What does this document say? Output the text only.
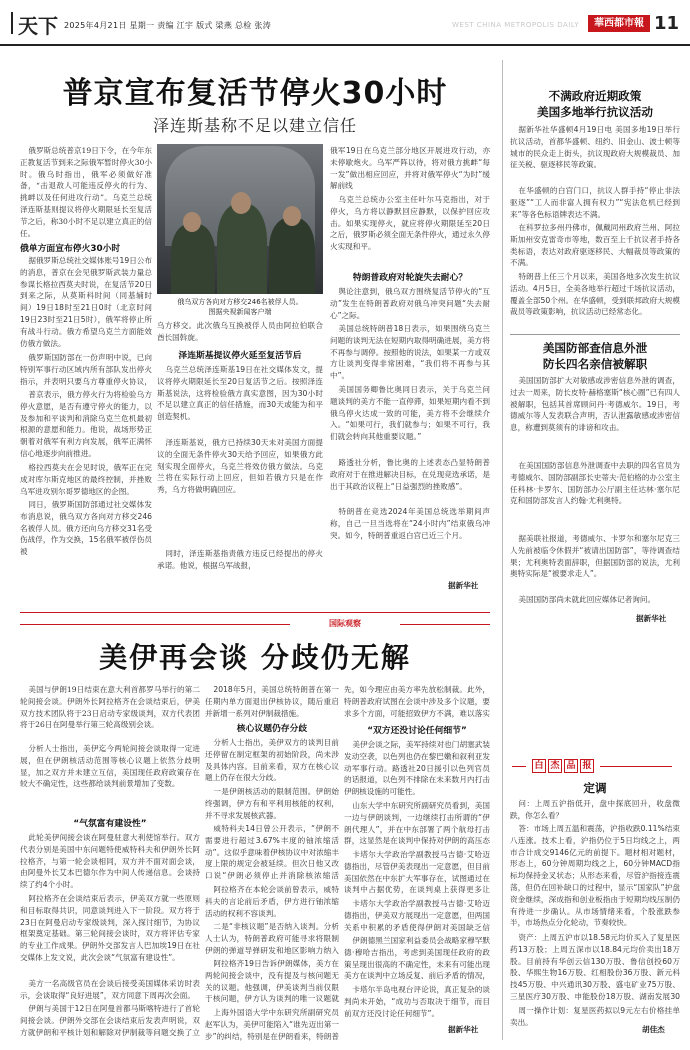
天下 2025年4月21日 星期一 责编 江宇 版式 梁燕 总检 张涛	WEST CHINA METROPOLIS DAILY	華西都市報 11
普京宣布复活节停火30小时
泽连斯基称不足以建立信任
俄罗斯总统普京19日下令，在今年东正教复活节到来之际俄军暂时停火30小时。俄乌时指出，俄军必须做好准备，“击退敌人可能违反停火的行为、挑衅以及任何进攻行动”。乌克兰总统泽连斯基则提议将停火期限延长至复活节之后，称30小时不足以建立真正的信任。
俄单方面宣布停火30小时
据俄罗斯总统社交媒体账号19日公布的消息，普京在会见俄罗斯武装力量总参谋长格拉西莫夫时说，在复活节20日到来之际，从莫斯科时间（同基辅时间）19日18时至21日0时（北京时间19日23时至21日5时），俄军将停止所有战斗行动。俄方希望乌克兰方面能效仿俄方做法。
俄罗斯国防部在一份声明中说，已向特别军事行动区域内所有部队发出停火指示，并表明只要乌方尊重停火协议，
普京表示，俄方停火行为将检验乌方停火意愿，是否有遵守停火的能力，以及参加和平谈判和消除乌克兰危机最初根源的意愿和能力。他说，战场形势正朝着对俄军有利方向发展，俄军正满怀信心地逐步向前推进。
格拉西莫夫在会见时说，俄军正在完成对库尔斯克地区的最终控制，并挫败乌军进攻别尔哥罗德地区的企图。
同日，俄罗斯国防部通过社交媒体发布消息说，俄乌双方各向对方移交246名被俘人员。俄方还向乌方移交31名受伤战俘，作为交换，15名俄军被俘伤员被
俄乌双方各向对方移交246名被俘人员。
图据央视新闻客户端
乌方移交。此次俄乌互换被俘人员由阿拉伯联合酋长国斡旋。
泽连斯基提议停火延至复活节后
乌克兰总统泽连斯基19日在社交媒体发文，提议将停火期限延长至20日复活节之后。按照泽连斯基说法，这将检验俄方真实意图，因为30小时不足以建立真正的信任措施，而30天或能为和平创造契机。
泽连斯基说，俄方已持续30天未对美国方面提议的全面无条件停火30天给予回应，如果俄方此刻实现全面停火，乌克兰将效仿俄方做法。乌克兰将在实际行动上回应，但如若俄方只是在作秀，乌方将做明确回应。
同时，泽连斯基指责俄方违反已经提出的停火承诺。他说，根据乌军战报，
俄军19日在乌克兰部分地区开展进攻行动，亦未停歇炮火。乌军严阵以待，将对俄方挑衅“每一发”做出相应回应，并将对俄军停火“为时”缓解前线
乌克兰总统办公室主任叶尔马克指出，对于停火，乌方将以静默回应静默，以保护回应攻击。如果实现停火，就应将停火期限延至20日之后，俄罗斯必须全面无条件停火，通过永久停火实现和平。
特朗普政府对轮旋失去耐心？
舆论注意到，俄乌双方围绕复活节停火的“互动”发生在特朗普政府对俄乌冲突问题“失去耐心”之际。
美国总统特朗普18日表示，如果围绕乌克兰问题的谈判无法在短期内取得明确进展，美方将不再参与调停。按照他的说法，如果某一方或双方让谈判变得非常困难，“我们将不再参与其中”。
美国国务卿鲁比奥同日表示，关于乌克兰问题谈判的美方不能一直停滞，如果短期内看不到俄乌停火达成一致的可能，美方将不会继续介入。“如果可行，我们就参与；如果不可行，我们就会转向其他重要议题。”
路透社分析，鲁比奥的上述表态凸显特朗普政府对于在推进解决目标，在兑现竞选承诺，是出于其政治议程上“日益强烈的挫败感”。
特朗普在竞选2024年美国总统选举期间声称，自己一旦当选将在“24小时内”结束俄乌冲突。如今，特朗普重返白宫已近三个月。
据新华社
国际观察
美伊再会谈 分歧仍无解
美国与伊朗19日结束在意大利首都罗马举行的第二轮间接会谈。伊朗外长阿拉格齐在会谈结束后，伊美双方技术团队将于23日启动专家级谈判，双方代表团将于26日在阿曼举行第三轮高级别会谈。
分析人士指出，美伊迄今两轮间接会谈取得一定进展，但在伊朗核活动范围等核心议题上依然分歧明显，加之双方并未建立互信，美国现任政府政策存在较大不确定性，这些都给谈判前景增加了变数。
“气氛富有建设性”
此轮美伊间接会谈在阿曼驻意大利使馆举行。双方代表分别是美国中东问题特使威特科夫和伊朗外长阿拉格齐，与第一轮会谈相同，双方并不面对面会谈，由阿曼外长艾本巴德尔作为中间人传递信息。会谈持续了约4个小时。
阿拉格齐在会谈结束后表示，伊美双方就一些原则和目标取得共识，同意谈判进入下一阶段。双方将于23日在阿曼启动专家级谈判，深入探讨细节，为协议框架奠定基础。第三轮间接会谈时，双方将评估专家的专业工作成果。伊朗外交部发言人巴加埃19日在社交媒体上发文说，此次会谈“气氛富有建设性”。
美方一名高级官员在会谈后接受美国媒体采访时表示，会谈取得“良好进展”，双方同意下周再次会面。
伊朗与美国于12日在阿曼首都马斯喀特进行了首轮间接会谈。伊朗外交部在会谈结束后发表声明说，双方就伊朗和平核计划和解除对伊制裁等问题交换了立
2018年5月，美国总统特朗普在第一任期内单方面退出伊核协议，随后重启并新增一系列对伊制裁措施。
核心议题仍存分歧
分析人士指出，美伊双方的谈判目前还停留在制定框架的初始阶段，尚未涉及具体内容。目前来看，双方在核心议题上仍存在很大分歧。
一是伊朗核活动的限制范围。伊朗始终强调，伊方有和平利用核能的权利，并不寻求发展核武器。
威特科夫14日曾公开表示，“伊朗不需要进行超过3.67%丰度的铀浓缩活动”。这似乎意味着伊核协议中对浓缩丰度上限的规定会被延续。但次日他又改口说“伊朗必须停止并消除核浓缩活
阿拉格齐在本轮会谈前曾表示，威特科夫的言论前后矛盾，伊方进行铀浓缩活动的权利不容谈判。
二是“非核议题”是否纳入谈判。分析人士认为，特朗普政府可能寻求将限制伊朗的弹道导弹研发和地区影响力纳入
阿拉格齐19日告诉伊朗媒体，美方在两轮间接会谈中，没有提及与核问题无关的议题。他强调，伊美谈判当前仅限于核问题，伊方认为谈判的唯一议题就
上海外国语大学中东研究所副研究员赵军认为，美伊可能陷入“谁先迈出第一步”的纠结，特别是在伊朗看来，特朗普
先，如今理应由美方率先放松制裁。此外，特朗普政府试图在会谈中涉及多个议题，要求多个方面，可能招致伊方不满，难以落实
“双方还没讨论任何细节”
美伊会谈之际，美军持续对也门胡塞武装发动空袭，以色列也仍在黎巴嫩和叙利亚发动军事行动。路透社20日援引以色列官员的话报道，以色列不排除在未来数月内打击伊朗核设施的可能性。
山东大学中东研究所副研究员看到，美国一边与伊朗谈判，一边继续打击所谓的“伊朗代理人”，并在中东部署了两个航母打击群，这显然是在谈判中保持对伊朗的高压态
卡塔尔大学政治学副教授马吉德·艾哈迈德指出，尽管伊美表现出一定意愿，但目前美国依然在中东扩大军事存在，试图通过在谈判中占据优势，在谈判桌上获得更多让
卡塔尔大学政治学副教授马吉德·艾哈迈德指出，伊美双方展现出一定意愿，但两国关系中积累的矛盾使得伊朗对美国缺乏信
伊朗德黑兰国家利益委员会战略家穆罕默德·穆哈吉指出，考虑到美国现任政府的政策呈现出很高的不确定性，未来有可能出现美方在谈判中立场反复、前后矛盾的情况，
卡塔尔半岛电视台评论说，真正复杂的谈判尚未开始，“成功与否取决于细节，而目前双方还没讨论任何细节”。
据新华社
不满政府近期政策
美国多地举行抗议活动
据新华社华盛顿4月19日电 美国多地19日举行抗议活动，首都华盛顿、纽约、旧金山、波士顿等城市的民众走上街头，抗议现政府大规模裁员、加征关税、驱逐移民等政策。
在华盛顿的白宫门口，抗议人群手持“停止非法驱逐”“工人而非富人拥有权力”“宪法危机已经到来”等各色标语牌表达不满。
在科罗拉多州丹佛市，佩戴同州政府兰州、阿拉斯加州安克雷奇市等地，数百至上千抗议者手持各类标语，表达对政府驱逐移民、大幅裁员等政策的不满。
特朗普上任三个月以来，美国各地多次发生抗议活动。4月5日，全美各地举行超过千场抗议活动，覆盖全部50个州。在华盛顿，受到联邦政府大规模裁员等政策影响，抗议活动已经常态化。
美国防部查信息外泄
防长四名亲信被解职
美国国防部扩大对敏感或涉密信息外泄的调查，过去一周来，防长皮特·赫格塞斯“核心圈”已有四人被解职，包括其首席顾问丹·考德威尔。19日，考德威尔等人发表联合声明，否认泄露敏感或涉密信息，称遭到莫须有的诽谤和攻击。
在美国国防部信息外泄调查中去职的四名官员为考德威尔、国防部副部长史蒂夫·范伯格的办公室主任科林·卡罗尔、国防部办公厅副主任达林·塞尔尼克和国防部发言人约翰·尤利奥特。
据美联社报道，考德威尔、卡罗尔和塞尔尼克三人先前被临令休假并“被请出国防部”，等待调查结果；尤利奥特表面辞职，但据国防部的说法，尤利奥特实际是“被要求走人”。
美国国防部尚未就此回应媒体记者询问。
据新华社
白 杰 品 报
定调
问：上周五沪指低开，盘中探底回升，收盘微跌，你怎么看？
答：市场上周五温和震荡，沪指收跌0.11%结束八连涨。技术上看，沪指仍位于5日均线之上，两市合计成交9146亿元的前提下。题材相对题材，形态上，60分钟周期均线之上，60分钟MACD指标均保持金叉状态；从形态来看，尽管沪指接连震荡，但仍在回补缺口的过程中，显示“国家队”护盘资金继续，深成指和创业板指由于短期均线压制仍有待进一步确认。从市场情绪来看，个股涨跌参半，市场热点分化轮动，节奏较快。
资产：上周五沪市以18.58元均价买入了复星医药13万股；上周五深市以18.84元均价卖出18万股。目前持有华创云信130万股、鲁信创投60万股、华熙生物16万股、红相股份36万股、新元科技45万股、中兴通讯30万股、盛屯矿业75万股、三星医疗30万股、申能股份18万股、湖南发展30
周一操作计划：复星医药拟以9元左右价格挂单卖出。
胡佳杰
